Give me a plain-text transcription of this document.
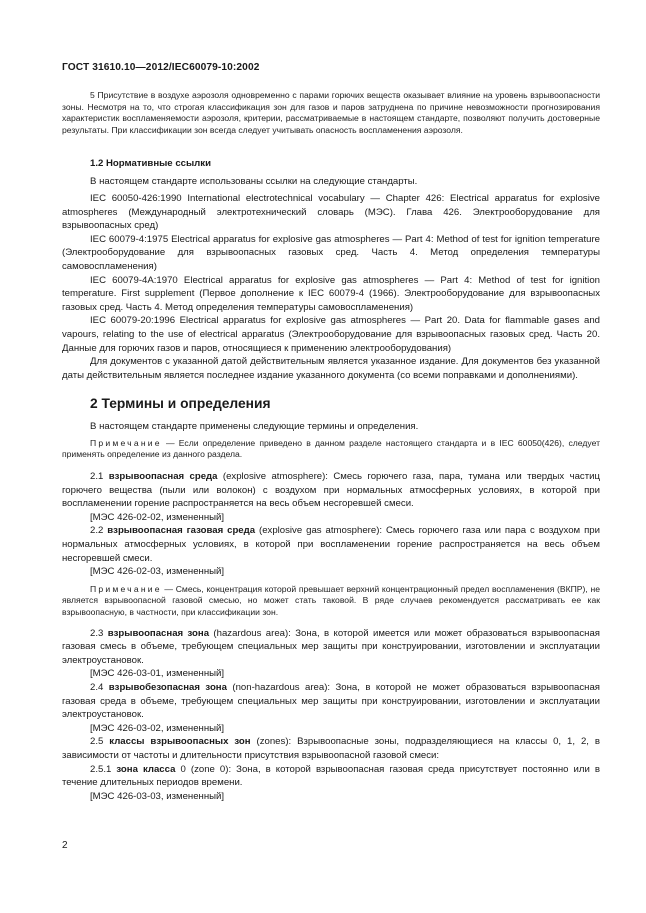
ГОСТ 31610.10—2012/IEC60079-10:2002

5 Присутствие в воздухе аэрозоля одновременно с парами горючих веществ оказывает влияние на уровень взрывоопасности зоны. Несмотря на то, что строгая классификация зон для газов и паров затруднена по причине невозможности прогнозирования характеристик воспламеняемости аэрозоля, критерии, рассматриваемые в настоящем стандарте, позволяют получить достоверные результаты. При классификации зон всегда следует учитывать опасность воспламенения аэрозоля.

1.2 Нормативные ссылки

В настоящем стандарте использованы ссылки на следующие стандарты.

IEC 60050-426:1990 International electrotechnical vocabulary — Chapter 426: Electrical apparatus for explosive atmospheres (Международный электротехнический словарь (МЭС). Глава 426. Электрооборудование для взрывоопасных сред)

IEC 60079-4:1975 Electrical apparatus for explosive gas atmospheres — Part 4: Method of test for ignition temperature (Электрооборудование для взрывоопасных газовых сред. Часть 4. Метод определения температуры самовоспламенения)

IEC 60079-4A:1970 Electrical apparatus for explosive gas atmospheres — Part 4: Method of test for ignition temperature. First supplement (Первое дополнение к IEC 60079-4 (1966). Электрооборудование для взрывоопасных газовых сред. Часть 4. Метод определения температуры самовоспламенения)

IEC 60079-20:1996 Electrical apparatus for explosive gas atmospheres — Part 20. Data for flammable gases and vapours, relating to the use of electrical apparatus (Электрооборудование для взрывоопасных газовых сред. Часть 20. Данные для горючих газов и паров, относящиеся к применению электрооборудования)

Для документов с указанной датой действительным является указанное издание. Для документов без указанной даты действительным является последнее издание указанного документа (со всеми поправками и дополнениями).

2 Термины и определения

В настоящем стандарте применены следующие термины и определения.

Примечание — Если определение приведено в данном разделе настоящего стандарта и в IEC 60050(426), следует применять определение из данного раздела.

2.1 взрывоопасная среда (explosive atmosphere): Смесь горючего газа, пара, тумана или твердых частиц горючего вещества (пыли или волокон) с воздухом при нормальных атмосферных условиях, в которой при воспламенении горение распространяется на весь объем несгоревшей смеси.

[МЭС 426-02-02, измененный]

2.2 взрывоопасная газовая среда (explosive gas atmosphere): Смесь горючего газа или пара с воздухом при нормальных атмосферных условиях, в которой при воспламенении горение распространяется на весь объем несгоревшей смеси.

[МЭС 426-02-03, измененный]

Примечание — Смесь, концентрация которой превышает верхний концентрационный предел воспламенения (ВКПР), не является взрывоопасной газовой смесью, но может стать таковой. В ряде случаев рекомендуется рассматривать ее как взрывоопасную, в частности, при классификации зон.

2.3 взрывоопасная зона (hazardous area): Зона, в которой имеется или может образоваться взрывоопасная газовая смесь в объеме, требующем специальных мер защиты при конструировании, изготовлении и эксплуатации электроустановок.

[МЭС 426-03-01, измененный]

2.4 взрывобезопасная зона (non-hazardous area): Зона, в которой не может образоваться взрывоопасная газовая среда в объеме, требующем специальных мер защиты при конструировании, изготовлении и эксплуатации электроустановок.

[МЭС 426-03-02, измененный]

2.5 классы взрывоопасных зон (zones): Взрывоопасные зоны, подразделяющиеся на классы 0, 1, 2, в зависимости от частоты и длительности присутствия взрывоопасной газовой смеси:

2.5.1 зона класса 0 (zone 0): Зона, в которой взрывоопасная газовая среда присутствует постоянно или в течение длительных периодов времени.

[МЭС 426-03-03, измененный]

2
